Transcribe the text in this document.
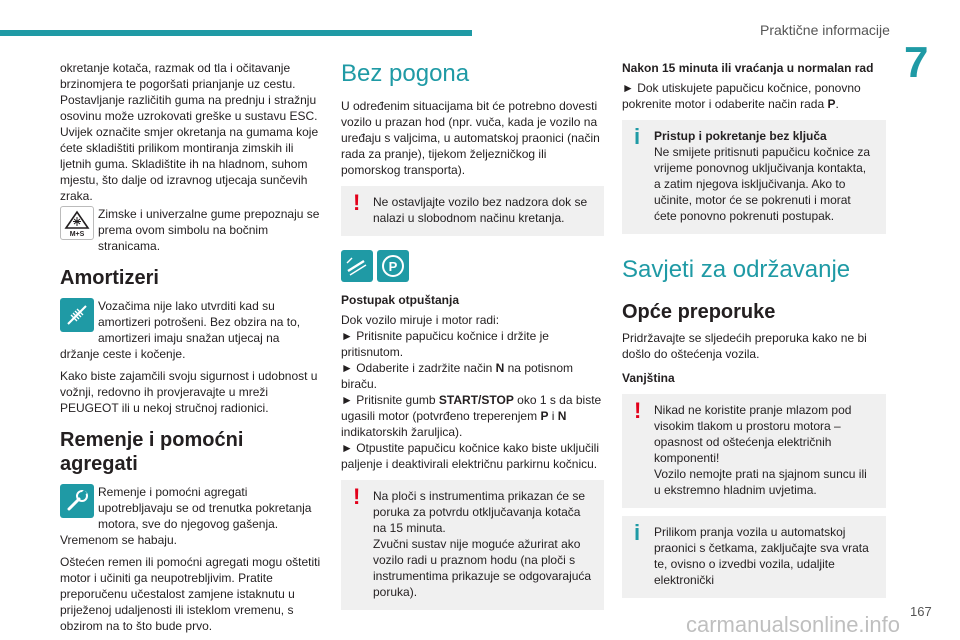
Praktične informacije
7

okretanje kotača, razmak od tla i očitavanje brzinomjera te pogoršati prianjanje uz cestu. Postavljanje različitih guma na prednju i stražnju osovinu može uzrokovati greške u sustavu ESC. Uvijek označite smjer okretanja na gumama koje ćete skladištiti prilikom montiranja zimskih ili ljetnih guma. Skladištite ih na hladnom, suhom mjestu, što dalje od izravnog utjecaja sunčevih zraka.

M+S
Zimske i univerzalne gume prepoznaju se prema ovom simbolu na bočnim stranicama.
Amortizeri
Vozačima nije lako utvrditi kad su amortizeri potrošeni. Bez obzira na to, amortizeri imaju snažan utjecaj na držanje ceste i kočenje.

Kako biste zajamčili svoju sigurnost i udobnost u vožnji, redovno ih provjeravajte u mreži PEUGEOT ili u nekoj stručnoj radionici.

Remenje i pomoćni agregati
Remenje i pomoćni agregati upotrebljavaju se od trenutka pokretanja motora, sve do njegovog gašenja. Vremenom se habaju.

Oštećen remen ili pomoćni agregati mogu oštetiti motor i učiniti ga neupotrebljivim. Pratite preporučenu učestalost zamjene istaknutu u priježenoj udaljenosti ili isteklom vremenu, s obzirom na to što bude prvo.

Bez pogona

U određenim situacijama bit će potrebno dovesti vozilo u prazan hod (npr. vuča, kada je vozilo na uređaju s valjcima, u automatskoj praonici (način rada za pranje), tijekom željezničkog ili pomorskog transporta).

! Ne ostavljajte vozilo bez nadzora dok se nalazi u slobodnom načinu kretanja.
P
Postupak otpuštanja

Dok vozilo miruje i motor radi:

► Pritisnite papučicu kočnice i držite je pritisnutom.

► Odaberite i zadržite način N na potisnom biraču.

► Pritisnite gumb START/STOP oko 1 s da biste ugasili motor (potvrđeno treperenjem P i N indikatorskih žaruljica).

► Otpustite papučicu kočnice kako biste uključili paljenje i deaktivirali električnu parkirnu kočnicu.

! Na ploči s instrumentima prikazan će se poruka za potvrdu otključavanja kotača na 15 minuta.

Zvučni sustav nije moguće ažurirat ako vozilo radi u praznom hodu (na ploči s instrumentima prikazuje se odgovarajuća poruka).

Nakon 15 minuta ili vraćanja u normalan rad

► Dok utiskujete papučicu kočnice, ponovno pokrenite motor i odaberite način rada P.

i Pristup i pokretanje bez ključa

Ne smijete pritisnuti papučicu kočnice za vrijeme ponovnog uključivanja kontakta, a zatim njegova isključivanja. Ako to učinite, motor će se pokrenuti i morat ćete ponovno pokrenuti postupak.

Savjeti za održavanje
Opće preporuke

Pridržavajte se sljedećih preporuka kako ne bi došlo do oštećenja vozila.

Vanjština
! Nikad ne koristite pranje mlazom pod visokim tlakom u prostoru motora – opasnost od oštećenja električnih komponenti!

Vozilo nemojte prati na sjajnom suncu ili u ekstremno hladnim uvjetima.

i Prilikom pranja vozila u automatskoj praonici s četkama, zaključajte sva vrata te, ovisno o izvedbi vozila, udaljite elektronički

167
carmanualsonline.info
